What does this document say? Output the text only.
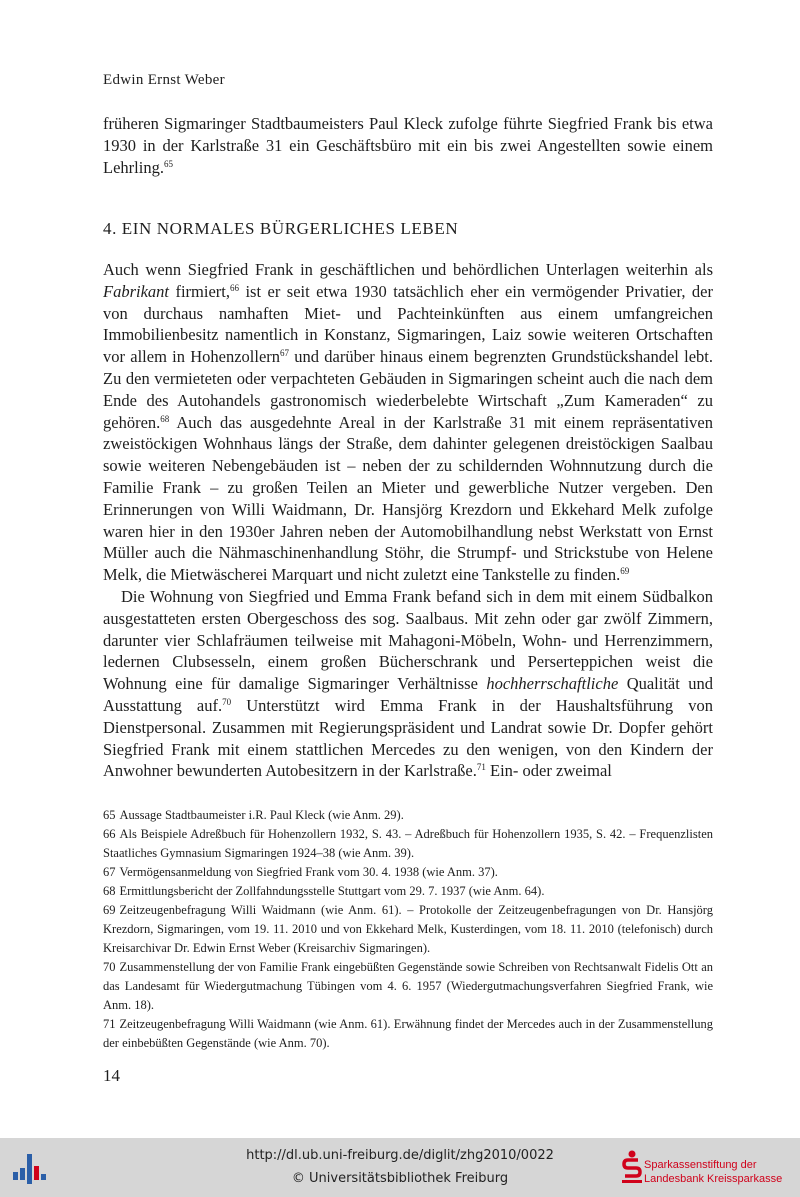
Edwin Ernst Weber

früheren Sigmaringer Stadtbaumeisters Paul Kleck zufolge führte Siegfried Frank bis etwa 1930 in der Karlstraße 31 ein Geschäftsbüro mit ein bis zwei Angestellten sowie einem Lehrling.$^{65}$

4. EIN NORMALES BÜRGERLICHES LEBEN

Auch wenn Siegfried Frank in geschäftlichen und behördlichen Unterlagen weiterhin als Fabrikant firmiert,$^{66}$ ist er seit etwa 1930 tatsächlich eher ein vermögender Privatier, der von durchaus namhaften Miet- und Pachteinkünften aus einem umfangreichen Immobilienbesitz namentlich in Konstanz, Sigmaringen, Laiz sowie weiteren Ortschaften vor allem in Hohenzollern$^{67}$ und darüber hinaus einem begrenzten Grundstückshandel lebt. Zu den vermieteten oder verpachteten Gebäuden in Sigmaringen scheint auch die nach dem Ende des Autohandels gastronomisch wiederbelebte Wirtschaft „Zum Kameraden“ zu gehören.$^{68}$ Auch das ausgedehnte Areal in der Karlstraße 31 mit einem repräsentativen zweistöckigen Wohnhaus längs der Straße, dem dahinter gelegenen dreistöckigen Saalbau sowie weiteren Nebengebäuden ist – neben der zu schildernden Wohnnutzung durch die Familie Frank – zu großen Teilen an Mieter und gewerbliche Nutzer vergeben. Den Erinnerungen von Willi Waidmann, Dr. Hansjörg Krezdorn und Ekkehard Melk zufolge waren hier in den 1930er Jahren neben der Automobilhandlung nebst Werkstatt von Ernst Müller auch die Nähmaschinenhandlung Stöhr, die Strumpf- und Strickstube von Helene Melk, die Mietwäscherei Marquart und nicht zuletzt eine Tankstelle zu finden.$^{69}$

Die Wohnung von Siegfried und Emma Frank befand sich in dem mit einem Südbalkon ausgestatteten ersten Obergeschoss des sog. Saalbaus. Mit zehn oder gar zwölf Zimmern, darunter vier Schlafräumen teilweise mit Mahagoni-Möbeln, Wohn- und Herrenzimmern, ledernen Clubsesseln, einem großen Bücherschrank und Perserteppichen weist die Wohnung eine für damalige Sigmaringer Verhältnisse hochherrschaftliche Qualität und Ausstattung auf.$^{70}$ Unterstützt wird Emma Frank in der Haushaltsführung von Dienstpersonal. Zusammen mit Regierungspräsident und Landrat sowie Dr. Dopfer gehört Siegfried Frank mit einem stattlichen Mercedes zu den wenigen, von den Kindern der Anwohner bewunderten Autobesitzern in der Karlstraße.$^{71}$ Ein- oder zweimal

65 Aussage Stadtbaumeister i.R. Paul Kleck (wie Anm. 29).

66 Als Beispiele Adreßbuch für Hohenzollern 1932, S. 43. – Adreßbuch für Hohenzollern 1935, S. 42. – Frequenzlisten Staatliches Gymnasium Sigmaringen 1924–38 (wie Anm. 39).

67 Vermögensanmeldung von Siegfried Frank vom 30. 4. 1938 (wie Anm. 37).

68 Ermittlungsbericht der Zollfahndungsstelle Stuttgart vom 29. 7. 1937 (wie Anm. 64).

69 Zeitzeugenbefragung Willi Waidmann (wie Anm. 61). – Protokolle der Zeitzeugenbefragungen von Dr. Hansjörg Krezdorn, Sigmaringen, vom 19. 11. 2010 und von Ekkehard Melk, Kusterdingen, vom 18. 11. 2010 (telefonisch) durch Kreisarchivar Dr. Edwin Ernst Weber (Kreisarchiv Sigmaringen).

70 Zusammenstellung der von Familie Frank eingebüßten Gegenstände sowie Schreiben von Rechtsanwalt Fidelis Ott an das Landesamt für Wiedergutmachung Tübingen vom 4. 6. 1957 (Wiedergutmachungsverfahren Siegfried Frank, wie Anm. 18).

71 Zeitzeugenbefragung Willi Waidmann (wie Anm. 61). Erwähnung findet der Mercedes auch in der Zusammenstellung der einbebüßten Gegenstände (wie Anm. 70).

14
http://dl.ub.uni-freiburg.de/diglit/zhg2010/0022
© Universitätsbibliothek Freiburg
Sparkassenstiftung der
Landesbank Kreissparkasse
